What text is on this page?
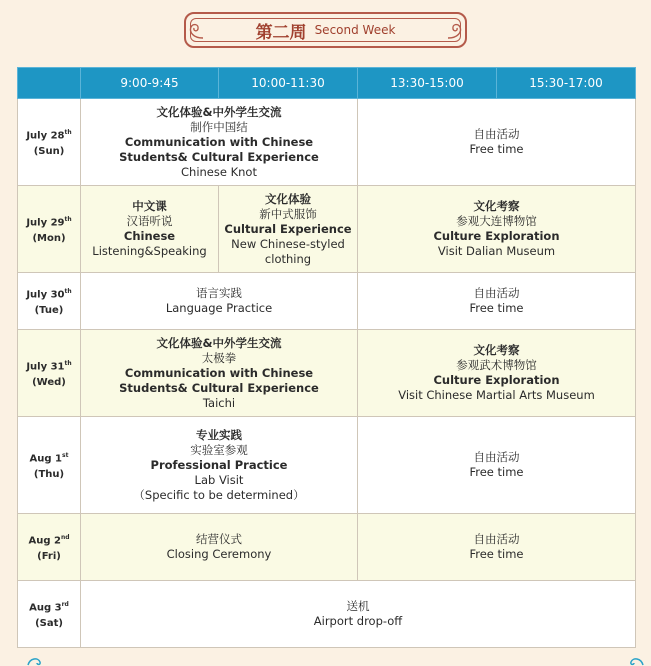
第二周 Second Week
	9:00-9:45	10:00-11:30	13:30-15:00	15:30-17:00
July 28th
(Sun)	文化体验&中外学生交流
制作中国结
Communication with Chinese Students& Cultural Experience
Chinese Knot		自由活动
Free time	

July 29th
(Mon)	中文课
汉语听说
Chinese
Listening&Speaking	文化体验
新中式服饰
Cultural Experience
New Chinese-styled clothing	文化考察
参观大连博物馆
Culture Exploration
Visit Dalian Museum	

July 30th
(Tue)	语言实践
Language Practice		自由活动
Free time	

July 31th
(Wed)	文化体验&中外学生交流
太极拳
Communication with Chinese Students& Cultural Experience
Taichi		文化考察
参观武术博物馆
Culture Exploration
Visit Chinese Martial Arts Museum	

Aug 1st
(Thu)	专业实践
实验室参观
Professional Practice
Lab Visit
（Specific to be determined）		自由活动
Free time	

Aug 2nd
(Fri)	结营仪式
Closing Ceremony		自由活动
Free time	

Aug 3rd
(Sat)	送机
Airport drop-off			
